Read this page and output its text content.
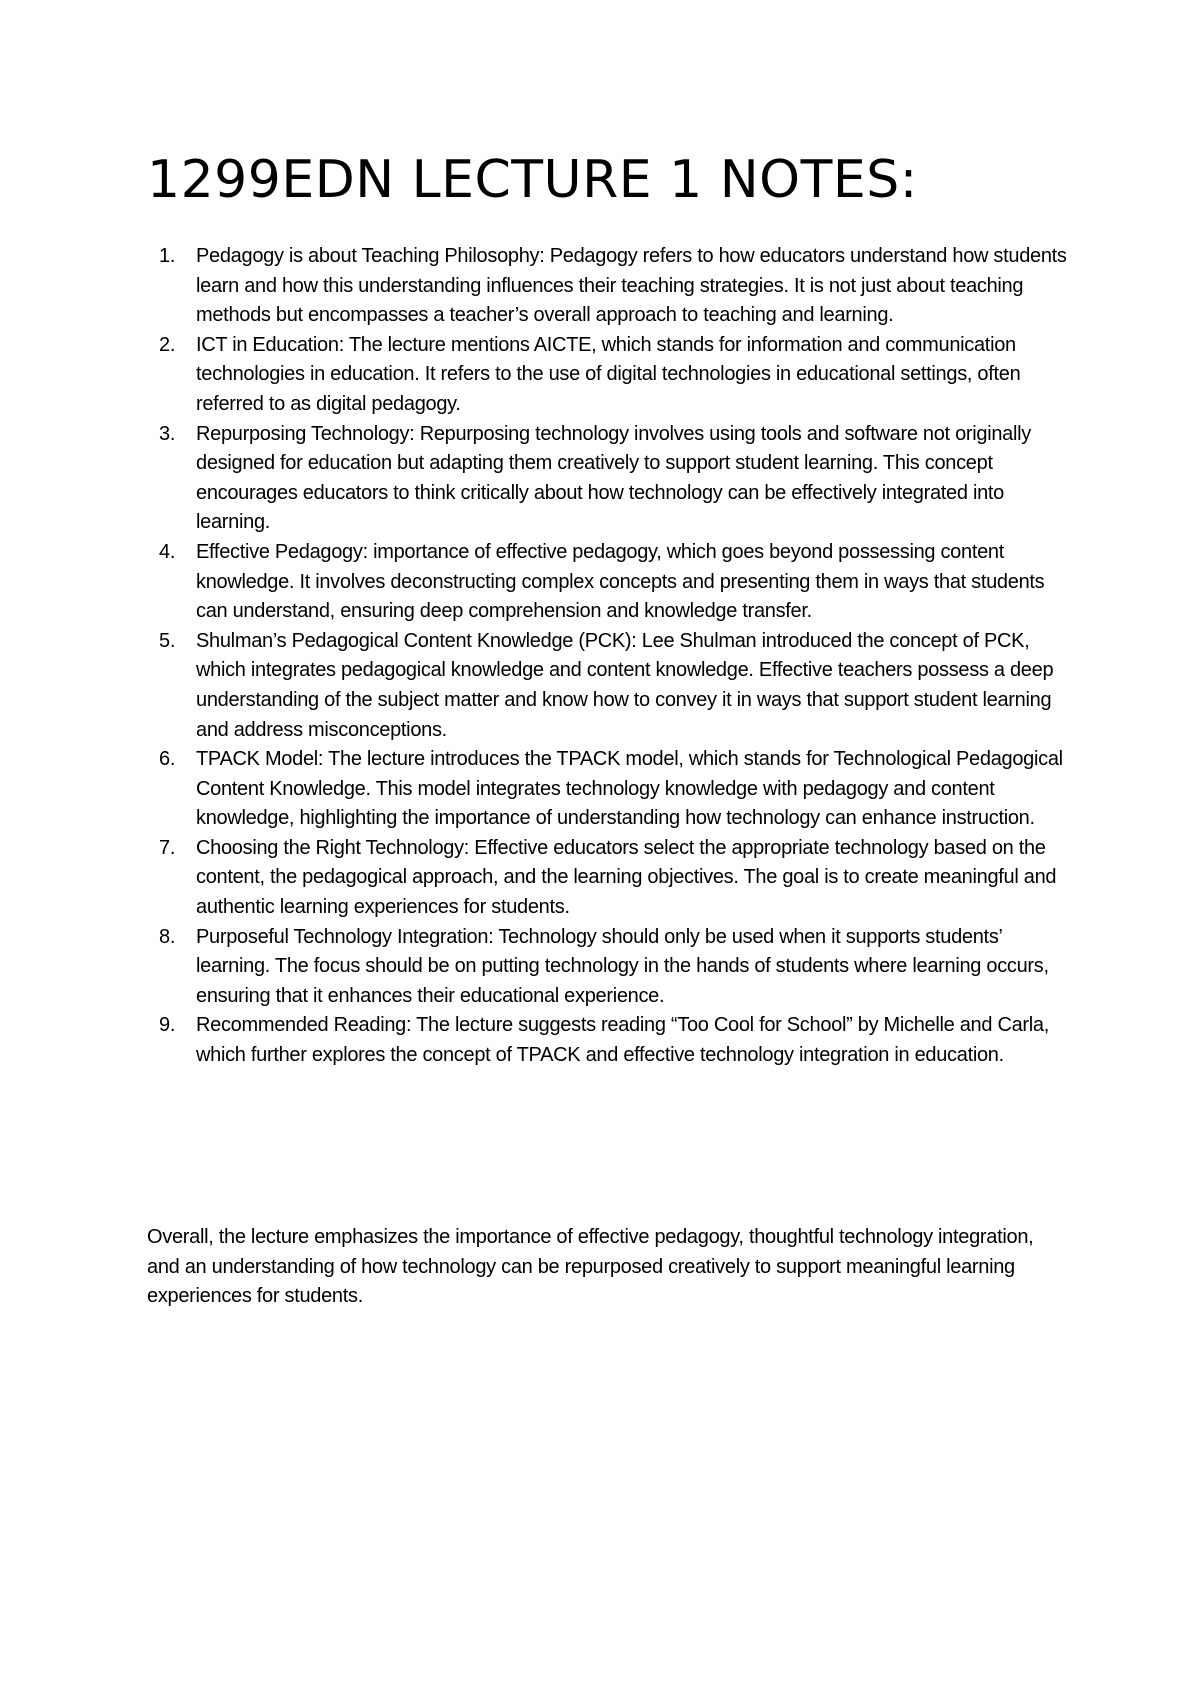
1299EDN LECTURE 1 NOTES:
1. Pedagogy is about Teaching Philosophy: Pedagogy refers to how educators understand how students learn and how this understanding influences their teaching strategies. It is not just about teaching methods but encompasses a teacher’s overall approach to teaching and learning.
2. ICT in Education: The lecture mentions AICTE, which stands for information and communication technologies in education. It refers to the use of digital technologies in educational settings, often referred to as digital pedagogy.
3. Repurposing Technology: Repurposing technology involves using tools and software not originally designed for education but adapting them creatively to support student learning. This concept encourages educators to think critically about how technology can be effectively integrated into learning.
4. Effective Pedagogy: importance of effective pedagogy, which goes beyond possessing content knowledge. It involves deconstructing complex concepts and presenting them in ways that students can understand, ensuring deep comprehension and knowledge transfer.
5. Shulman’s Pedagogical Content Knowledge (PCK): Lee Shulman introduced the concept of PCK, which integrates pedagogical knowledge and content knowledge. Effective teachers possess a deep understanding of the subject matter and know how to convey it in ways that support student learning and address misconceptions.
6. TPACK Model: The lecture introduces the TPACK model, which stands for Technological Pedagogical Content Knowledge. This model integrates technology knowledge with pedagogy and content knowledge, highlighting the importance of understanding how technology can enhance instruction.
7. Choosing the Right Technology: Effective educators select the appropriate technology based on the content, the pedagogical approach, and the learning objectives. The goal is to create meaningful and authentic learning experiences for students.
8. Purposeful Technology Integration: Technology should only be used when it supports students’ learning. The focus should be on putting technology in the hands of students where learning occurs, ensuring that it enhances their educational experience.
9. Recommended Reading: The lecture suggests reading “Too Cool for School” by Michelle and Carla, which further explores the concept of TPACK and effective technology integration in education.

Overall, the lecture emphasizes the importance of effective pedagogy, thoughtful technology integration, and an understanding of how technology can be repurposed creatively to support meaningful learning experiences for students.
